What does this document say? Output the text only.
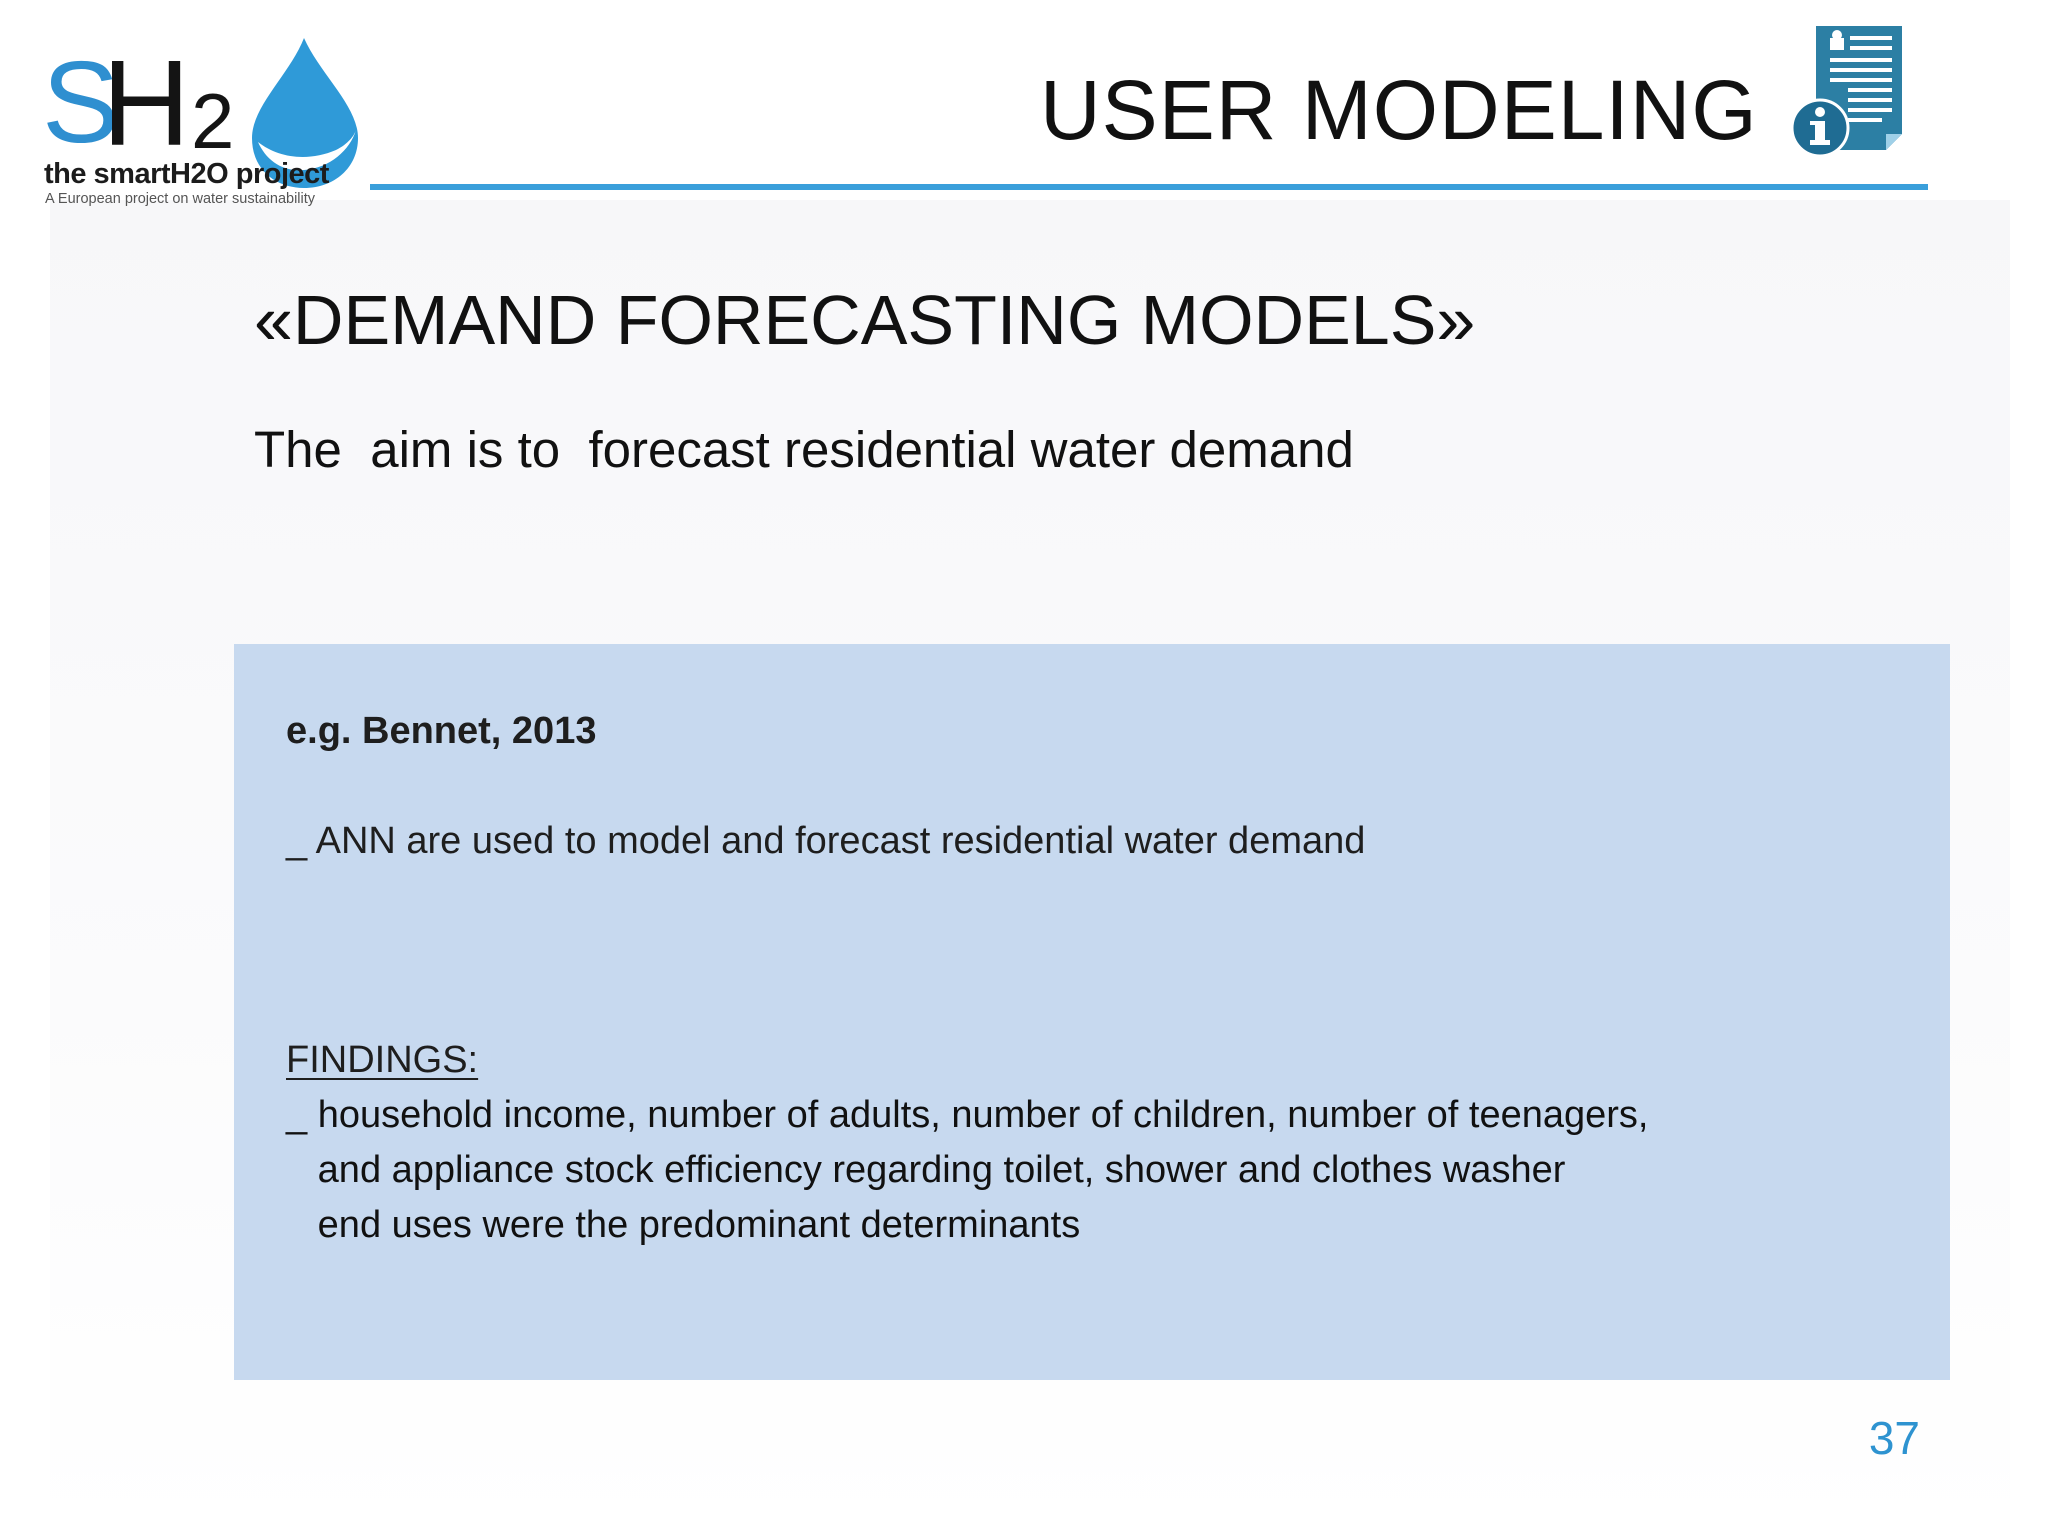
S
H 2
the smartH2O project
A European project on water sustainability
USER MODELING
«DEMAND FORECASTING MODELS»
The  aim is to  forecast residential water demand
e.g. Bennet, 2013
_ ANN are used to model and forecast residential water demand
FINDINGS:
_ household income, number of adults, number of children, number of teenagers,
and appliance stock efficiency regarding toilet, shower and clothes washer
end uses were the predominant determinants
37
